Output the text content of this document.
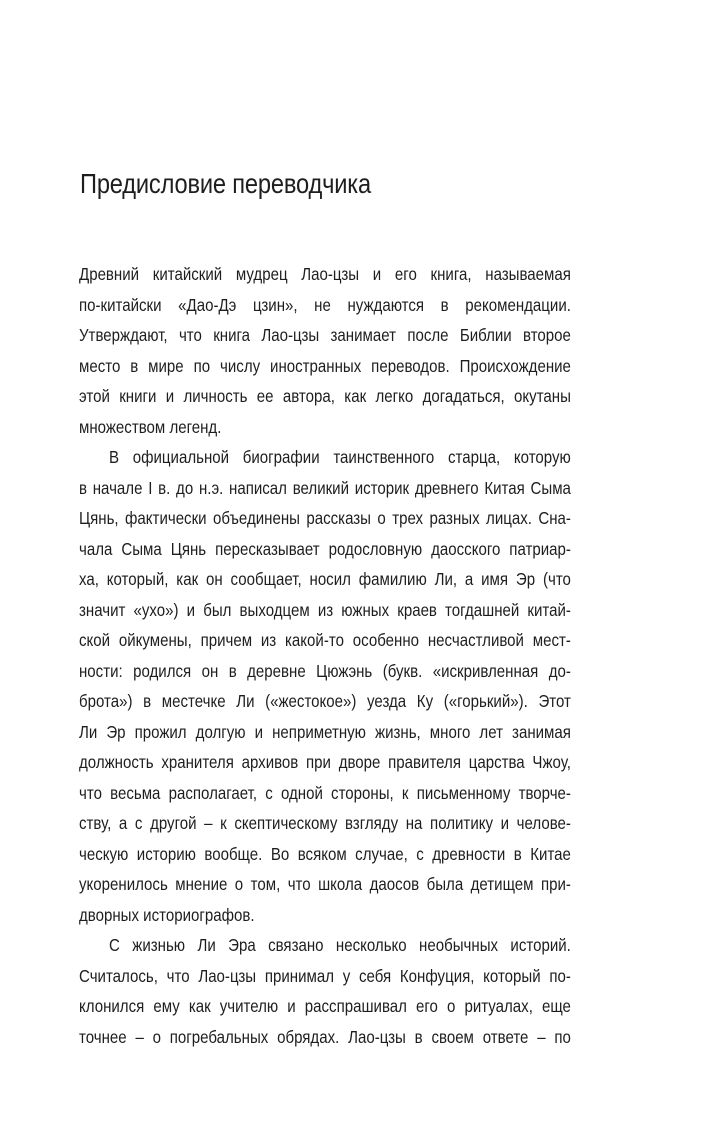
Предисловие переводчика
Древний китайский мудрец Лао-цзы и его книга, называемая
по-китайски «Дао-Дэ цзин», не нуждаются в рекомендации.
Утверждают, что книга Лао-цзы занимает после Библии второе
место в мире по числу иностранных переводов. Происхождение
этой книги и личность ее автора, как легко догадаться, окутаны
множеством легенд.
В официальной биографии таинственного старца, которую
в начале I в. до н.э. написал великий историк древнего Китая Сыма
Цянь, фактически объединены рассказы о трех разных лицах. Сна-
чала Сыма Цянь пересказывает родословную даосского патриар-
ха, который, как он сообщает, носил фамилию Ли, а имя Эр (что
значит «ухо») и был выходцем из южных краев тогдашней китай-
ской ойкумены, причем из какой-то особенно несчастливой мест-
ности: родился он в деревне Цюжэнь (букв. «искривленная до-
брота») в местечке Ли («жестокое») уезда Ку («горький»). Этот
Ли Эр прожил долгую и неприметную жизнь, много лет занимая
должность хранителя архивов при дворе правителя царства Чжоу,
что весьма располагает, с одной стороны, к письменному творче-
ству, а с другой – к скептическому взгляду на политику и челове-
ческую историю вообще. Во всяком случае, с древности в Китае
укоренилось мнение о том, что школа даосов была детищем при-
дворных историографов.
С жизнью Ли Эра связано несколько необычных историй.
Считалось, что Лао-цзы принимал у себя Конфуция, который по-
клонился ему как учителю и расспрашивал его о ритуалах, еще
точнее – о погребальных обрядах. Лао-цзы в своем ответе – по
